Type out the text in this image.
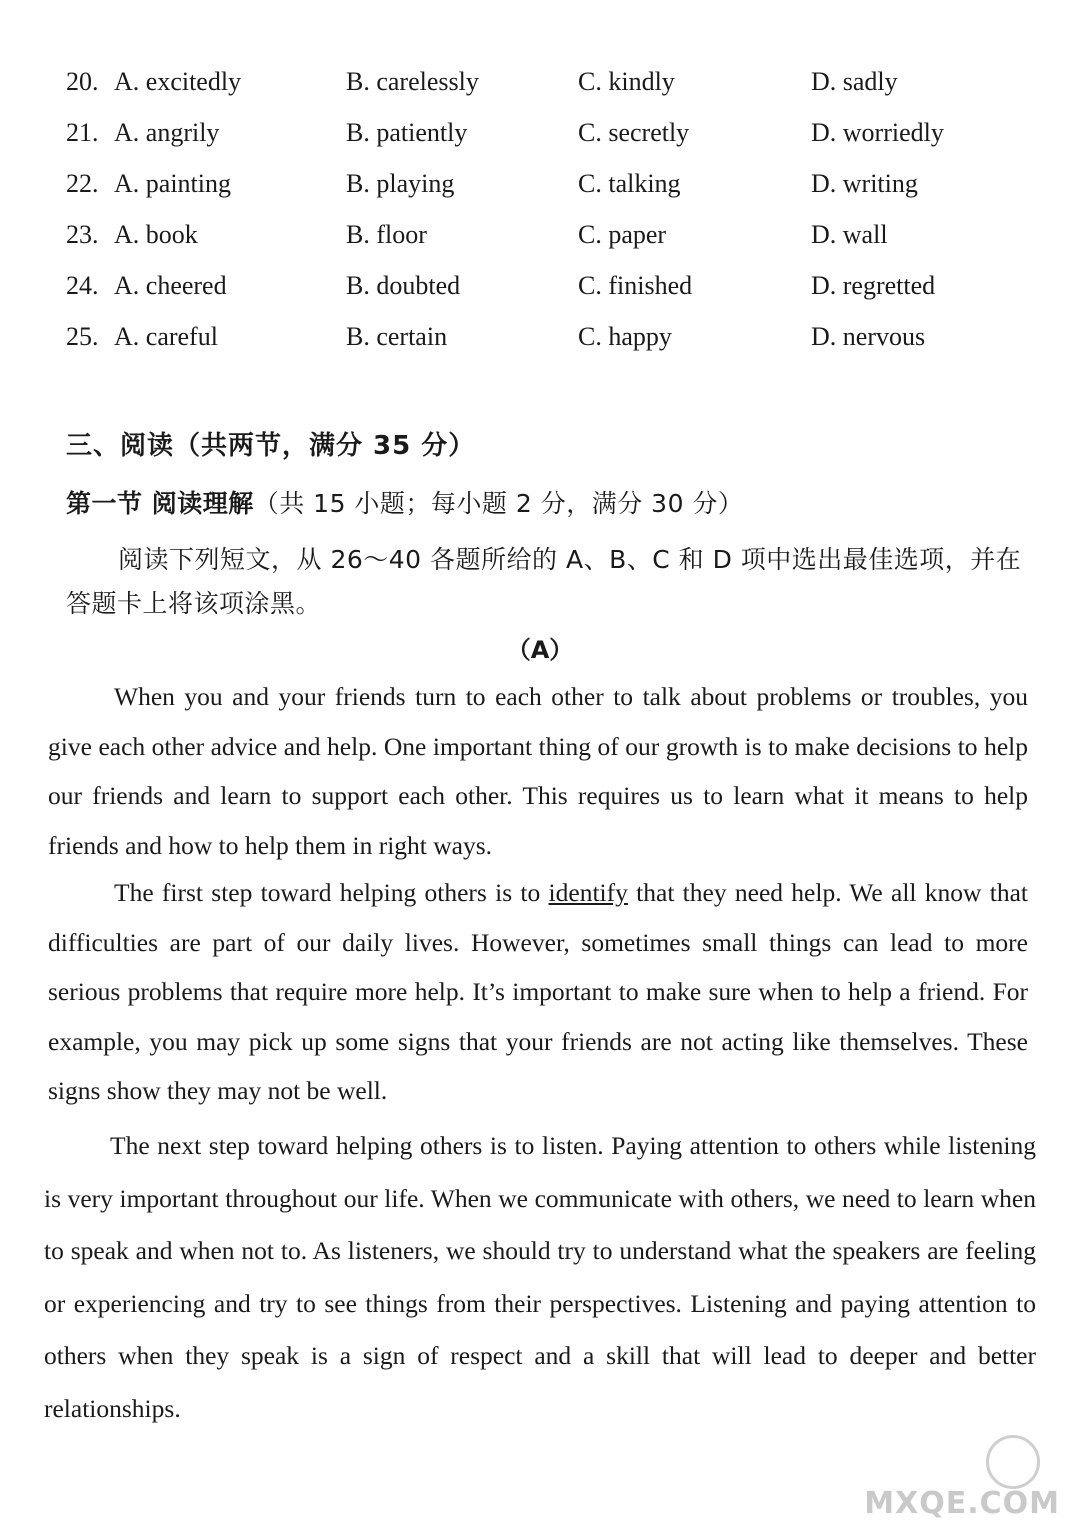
20. A. excitedly	B. carelessly	C. kindly	D. sadly
21. A. angrily	B. patiently	C. secretly	D. worriedly
22. A. painting	B. playing	C. talking	D. writing
23. A. book	B. floor	C. paper	D. wall
24. A. cheered	B. doubted	C. finished	D. regretted
25. A. careful	B. certain	C. happy	D. nervous
三、阅读（共两节，满分 35 分）
第一节 阅读理解（共 15 小题；每小题 2 分，满分 30 分）
阅读下列短文，从 26～40 各题所给的 A、B、C 和 D 项中选出最佳选项，并在答题卡上将该项涂黑。
（A）
When you and your friends turn to each other to talk about problems or troubles, you give each other advice and help. One important thing of our growth is to make decisions to help our friends and learn to support each other. This requires us to learn what it means to help friends and how to help them in right ways.
The first step toward helping others is to identify that they need help. We all know that difficulties are part of our daily lives. However, sometimes small things can lead to more serious problems that require more help. It’s important to make sure when to help a friend. For example, you may pick up some signs that your friends are not acting like themselves. These signs show they may not be well.
The next step toward helping others is to listen. Paying attention to others while listening is very important throughout our life. When we communicate with others, we need to learn when to speak and when not to. As listeners, we should try to understand what the speakers are feeling or experiencing and try to see things from their perspectives. Listening and paying attention to others when they speak is a sign of respect and a skill that will lead to deeper and better relationships.
MXQE.COM
